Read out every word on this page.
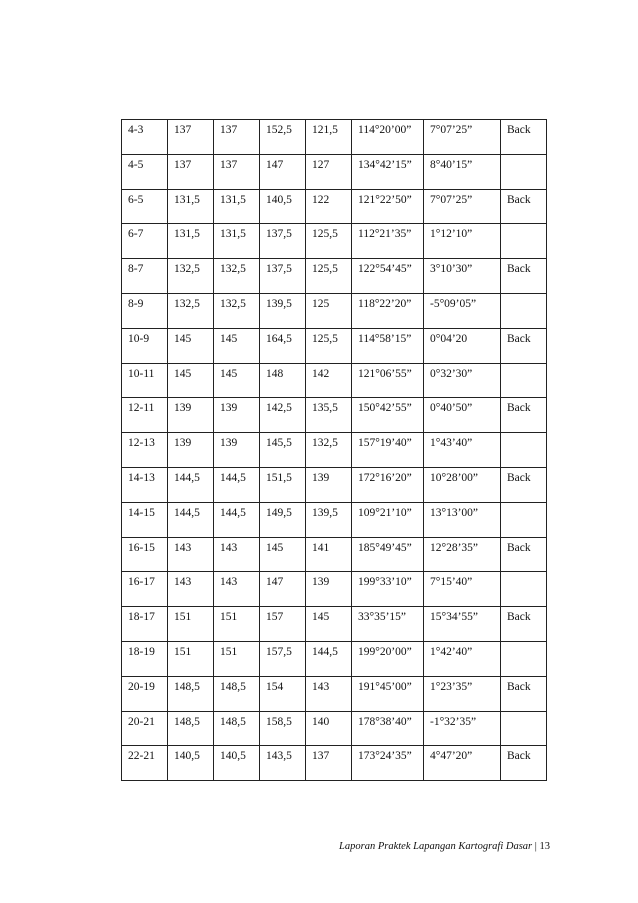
4-3	137	137	152,5	121,5	114°20’00”	7°07’25”	Back
4-5	137	137	147	127	134°42’15”	8°40’15”	
6-5	131,5	131,5	140,5	122	121°22’50”	7°07’25”	Back
6-7	131,5	131,5	137,5	125,5	112°21’35”	1°12’10”	
8-7	132,5	132,5	137,5	125,5	122°54’45”	3°10’30”	Back
8-9	132,5	132,5	139,5	125	118°22’20”	-5°09’05”	
10-9	145	145	164,5	125,5	114°58’15”	0°04’20	Back
10-11	145	145	148	142	121°06’55”	0°32’30”	
12-11	139	139	142,5	135,5	150°42’55”	0°40’50”	Back
12-13	139	139	145,5	132,5	157°19’40”	1°43’40”	
14-13	144,5	144,5	151,5	139	172°16’20”	10°28’00”	Back
14-15	144,5	144,5	149,5	139,5	109°21’10”	13°13’00”	
16-15	143	143	145	141	185°49’45”	12°28’35”	Back
16-17	143	143	147	139	199°33’10”	7°15’40”	
18-17	151	151	157	145	33°35’15”	15°34’55”	Back
18-19	151	151	157,5	144,5	199°20’00”	1°42’40”	
20-19	148,5	148,5	154	143	191°45’00”	1°23’35”	Back
20-21	148,5	148,5	158,5	140	178°38’40”	-1°32’35”	
22-21	140,5	140,5	143,5	137	173°24’35”	4°47’20”	Back
Laporan Praktek Lapangan Kartografi Dasar | 13
